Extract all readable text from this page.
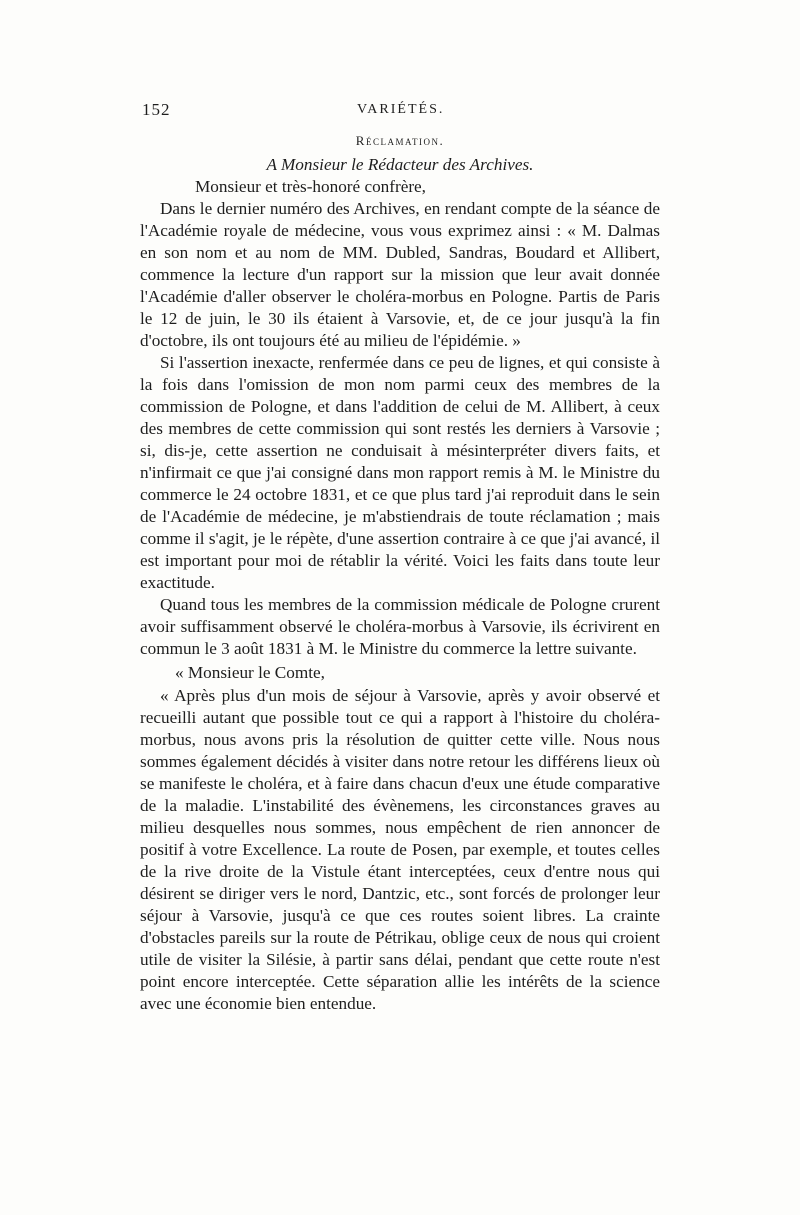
152	VARIÉTÉS.

Réclamation.

A Monsieur le Rédacteur des Archives.

Monsieur et très-honoré confrère,

Dans le dernier numéro des Archives, en rendant compte de la séance de l'Académie royale de médecine, vous vous exprimez ainsi : « M. Dalmas en son nom et au nom de MM. Dubled, Sandras, Boudard et Allibert, commence la lecture d'un rapport sur la mission que leur avait donnée l'Académie d'aller observer le choléra-morbus en Pologne. Partis de Paris le 12 de juin, le 30 ils étaient à Varsovie, et, de ce jour jusqu'à la fin d'octobre, ils ont toujours été au milieu de l'épidémie. »

Si l'assertion inexacte, renfermée dans ce peu de lignes, et qui consiste à la fois dans l'omission de mon nom parmi ceux des membres de la commission de Pologne, et dans l'addition de celui de M. Allibert, à ceux des membres de cette commission qui sont restés les derniers à Varsovie ; si, dis-je, cette assertion ne conduisait à mésinterpréter divers faits, et n'infirmait ce que j'ai consigné dans mon rapport remis à M. le Ministre du commerce le 24 octobre 1831, et ce que plus tard j'ai reproduit dans le sein de l'Académie de médecine, je m'abstiendrais de toute réclamation ; mais comme il s'agit, je le répète, d'une assertion contraire à ce que j'ai avancé, il est important pour moi de rétablir la vérité. Voici les faits dans toute leur exactitude.

Quand tous les membres de la commission médicale de Pologne crurent avoir suffisamment observé le choléra-morbus à Varsovie, ils écrivirent en commun le 3 août 1831 à M. le Ministre du commerce la lettre suivante.

« Monsieur le Comte,

« Après plus d'un mois de séjour à Varsovie, après y avoir observé et recueilli autant que possible tout ce qui a rapport à l'histoire du choléra-morbus, nous avons pris la résolution de quitter cette ville. Nous nous sommes également décidés à visiter dans notre retour les différens lieux où se manifeste le choléra, et à faire dans chacun d'eux une étude comparative de la maladie. L'instabilité des évènemens, les circonstances graves au milieu desquelles nous sommes, nous empêchent de rien annoncer de positif à votre Excellence. La route de Posen, par exemple, et toutes celles de la rive droite de la Vistule étant interceptées, ceux d'entre nous qui désirent se diriger vers le nord, Dantzic, etc., sont forcés de prolonger leur séjour à Varsovie, jusqu'à ce que ces routes soient libres. La crainte d'obstacles pareils sur la route de Pétrikau, oblige ceux de nous qui croient utile de visiter la Silésie, à partir sans délai, pendant que cette route n'est point encore interceptée. Cette séparation allie les intérêts de la science avec une économie bien entendue.
